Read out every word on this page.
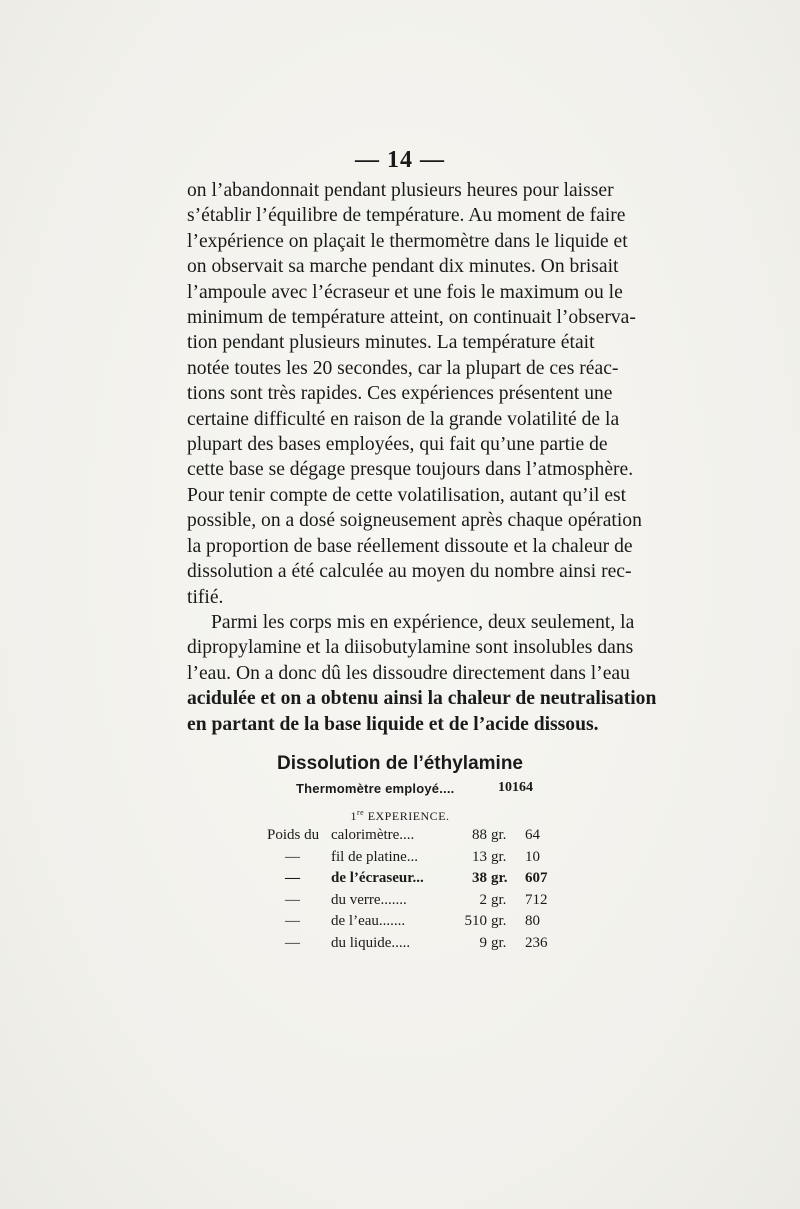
— 14 —

on l’abandonnait pendant plusieurs heures pour laisser
s’établir l’équilibre de température. Au moment de faire
l’expérience on plaçait le thermomètre dans le liquide et
on observait sa marche pendant dix minutes. On brisait
l’ampoule avec l’écraseur et une fois le maximum ou le
minimum de température atteint, on continuait l’observa-
tion pendant plusieurs minutes. La température était
notée toutes les 20 secondes, car la plupart de ces réac-
tions sont très rapides. Ces expériences présentent une
certaine difficulté en raison de la grande volatilité de la
plupart des bases employées, qui fait qu’une partie de
cette base se dégage presque toujours dans l’atmosphère.
Pour tenir compte de cette volatilisation, autant qu’il est
possible, on a dosé soigneusement après chaque opération
la proportion de base réellement dissoute et la chaleur de
dissolution a été calculée au moyen du nombre ainsi rec-
tifié.

Parmi les corps mis en expérience, deux seulement, la
dipropylamine et la diisobutylamine sont insolubles dans
l’eau. On a donc dû les dissoudre directement dans l’eau
acidulée et on a obtenu ainsi la chaleur de neutralisation
en partant de la base liquide et de l’acide dissous.

Dissolution de l’éthylamine
Thermomètre employé....	10164
1re EXPERIENCE.
Poids du calorimètre....	88 gr. 64
— fil de platine...	13 gr. 10
— de l’écraseur...	38 gr. 607
— du verre.......	2 gr. 712
— de l’eau.......	510 gr. 80
— du liquide.....	9 gr. 236
